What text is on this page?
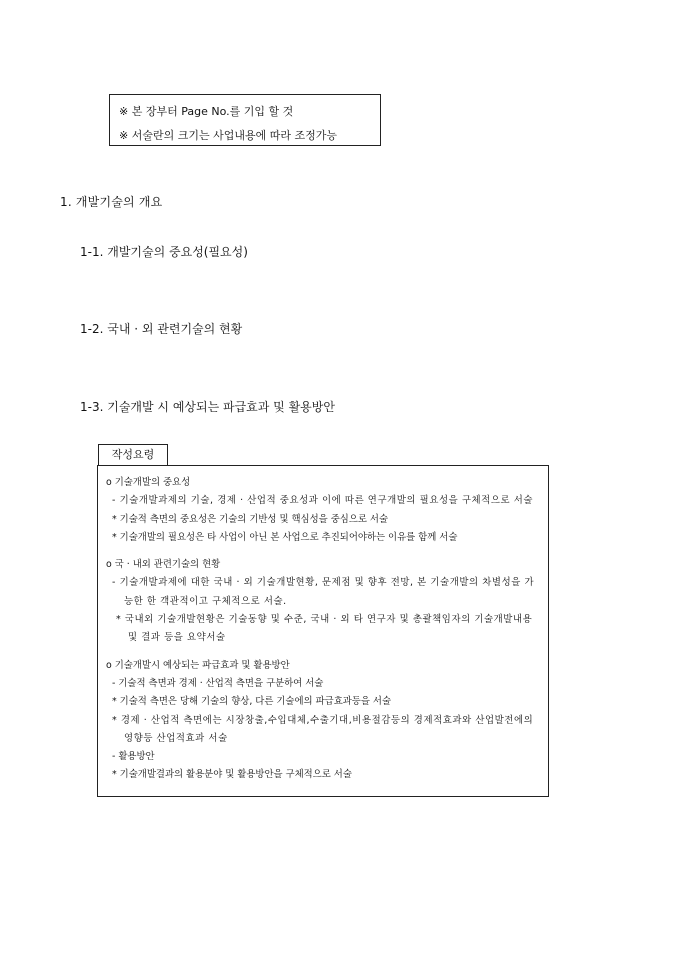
※ 본 장부터 Page No.를 기입 할 것
※ 서술란의 크기는 사업내용에 따라 조정가능
1. 개발기술의 개요
1-1. 개발기술의 중요성(필요성)
1-2. 국내 · 외 관련기술의 현황
1-3. 기술개발 시 예상되는 파급효과 및 활용방안
작성요령
o 기술개발의 중요성
- 기술개발과제의 기술, 경제 · 산업적 중요성과 이에 따른 연구개발의 필요성을 구체적으로 서술
* 기술적 측면의 중요성은 기술의 기반성 및 핵심성을 중심으로 서술
* 기술개발의 필요성은 타 사업이 아닌 본 사업으로 추진되어야하는 이유를 함께 서술
o 국 · 내외 관련기술의 현황
- 기술개발과제에 대한 국내 · 외 기술개발현황, 문제점 및 향후 전망, 본 기술개발의 차별성을 가능한 한 객관적이고 구체적으로 서술.
* 국내외 기술개발현황은 기술동향 및 수준, 국내 · 외 타 연구자 및 총괄책임자의 기술개발내용 및 결과 등을 요약서술
o 기술개발시 예상되는 파급효과 및 활용방안
- 기술적 측면과 경제 · 산업적 측면을 구분하여 서술
* 기술적 측면은 당해 기술의 향상, 다른 기술에의 파급효과등을 서술
* 경제 · 산업적 측면에는 시장창출,수입대체,수출기대,비용절감등의 경제적효과와 산업발전에의 영향등 산업적효과 서술
- 활용방안
* 기술개발결과의 활용분야 및 활용방안을 구체적으로 서술
